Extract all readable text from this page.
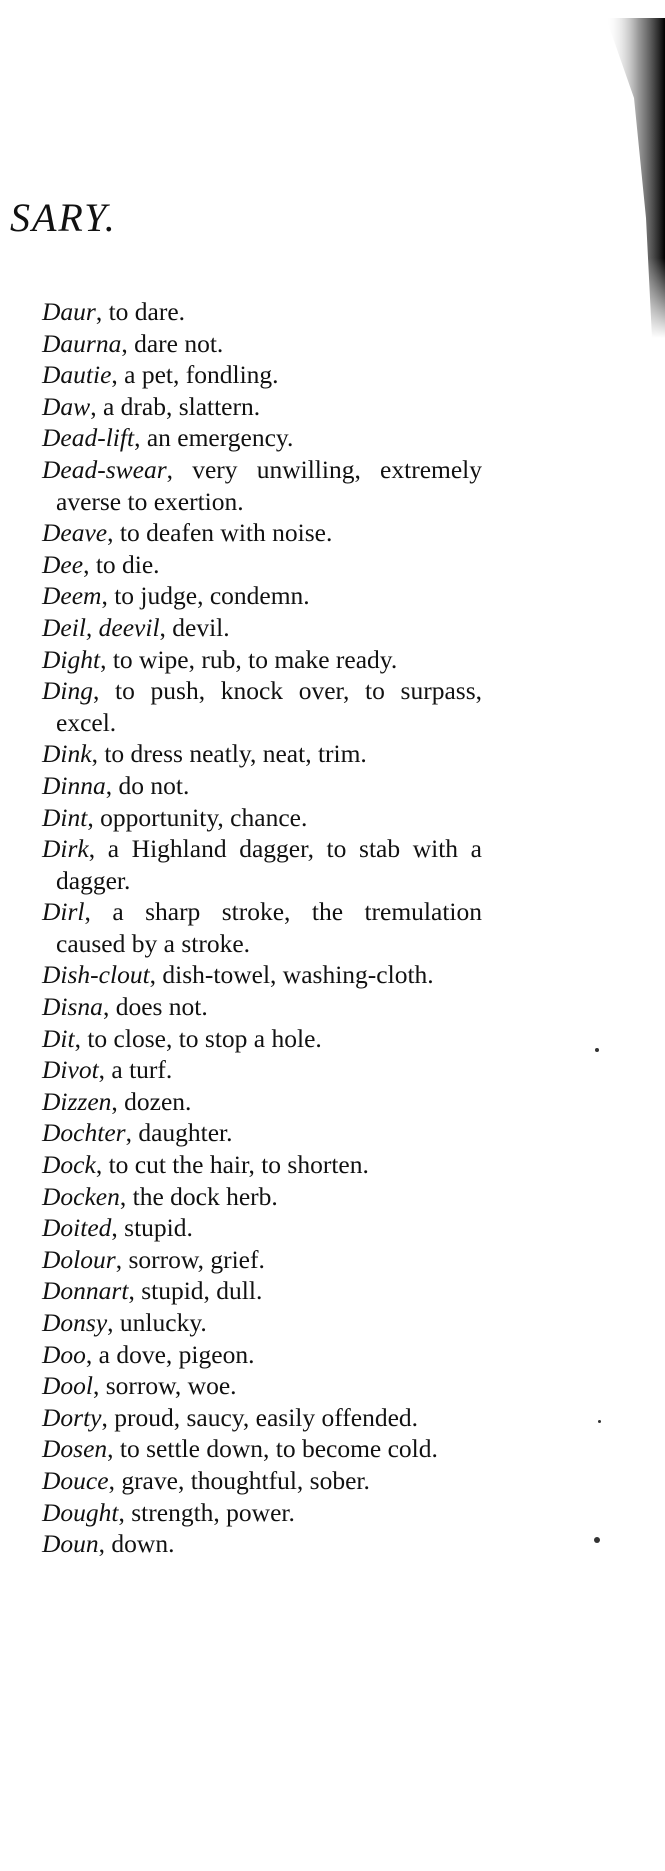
SARY.
Daur, to dare.
Daurna, dare not.
Dautie, a pet, fondling.
Daw, a drab, slattern.
Dead-lift, an emergency.
Dead-swear, very unwilling, extremely averse to exertion.
Deave, to deafen with noise.
Dee, to die.
Deem, to judge, condemn.
Deil, deevil, devil.
Dight, to wipe, rub, to make ready.
Ding, to push, knock over, to surpass, excel.
Dink, to dress neatly, neat, trim.
Dinna, do not.
Dint, opportunity, chance.
Dirk, a Highland dagger, to stab with a dagger.
Dirl, a sharp stroke, the tremulation caused by a stroke.
Dish-clout, dish-towel, washing-cloth.
Disna, does not.
Dit, to close, to stop a hole.
Divot, a turf.
Dizzen, dozen.
Dochter, daughter.
Dock, to cut the hair, to shorten.
Docken, the dock herb.
Doited, stupid.
Dolour, sorrow, grief.
Donnart, stupid, dull.
Donsy, unlucky.
Doo, a dove, pigeon.
Dool, sorrow, woe.
Dorty, proud, saucy, easily offended.
Dosen, to settle down, to become cold.
Douce, grave, thoughtful, sober.
Dought, strength, power.
Doun, down.
